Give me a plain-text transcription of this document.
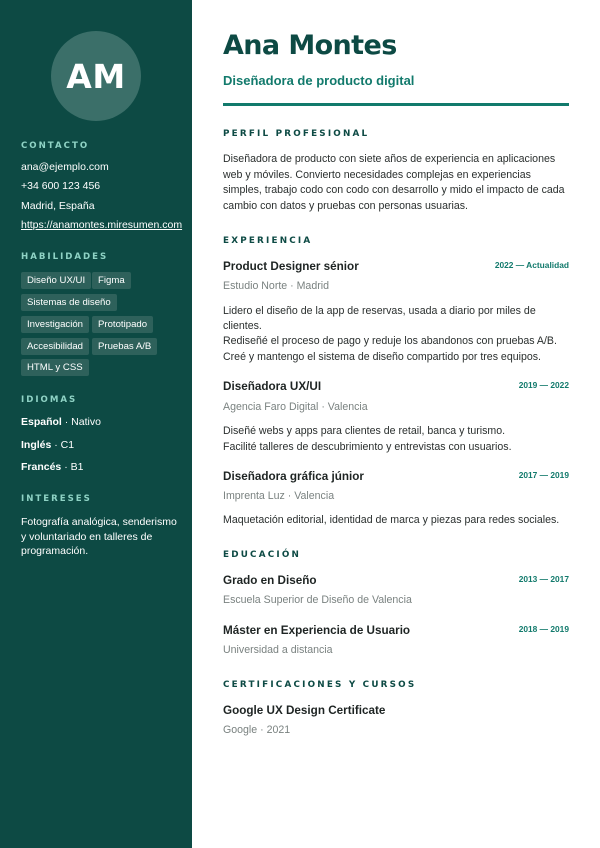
AM
CONTACTO
ana@ejemplo.com
+34 600 123 456
Madrid, España
https://anamontes.miresumen.com
HABILIDADES
Diseño UX/UI	Figma
Sistemas de diseño
Investigación	Prototipado
Accesibilidad	Pruebas A/B
HTML y CSS
IDIOMAS
Español · Nativo
Inglés · C1
Francés · B1
INTERESES
Fotografía analógica, senderismo y voluntariado en talleres de programación.
Ana Montes
Diseñadora de producto digital
PERFIL PROFESIONAL
Diseñadora de producto con siete años de experiencia en aplicaciones web y móviles. Convierto necesidades complejas en experiencias simples, trabajo codo con codo con desarrollo y mido el impacto de cada cambio con datos y pruebas con personas usuarias.
EXPERIENCIA
Product Designer sénior	2022 — Actualidad
Estudio Norte · Madrid
Lidero el diseño de la app de reservas, usada a diario por miles de
clientes.
Rediseñé el proceso de pago y reduje los abandonos con pruebas A/B.
Creé y mantengo el sistema de diseño compartido por tres equipos.
Diseñadora UX/UI	2019 — 2022
Agencia Faro Digital · Valencia
Diseñé webs y apps para clientes de retail, banca y turismo.
Facilité talleres de descubrimiento y entrevistas con usuarios.
Diseñadora gráfica júnior	2017 — 2019
Imprenta Luz · Valencia
Maquetación editorial, identidad de marca y piezas para redes sociales.
EDUCACIÓN
Grado en Diseño	2013 — 2017
Escuela Superior de Diseño de Valencia
Máster en Experiencia de Usuario	2018 — 2019
Universidad a distancia
CERTIFICACIONES Y CURSOS
Google UX Design Certificate
Google · 2021
